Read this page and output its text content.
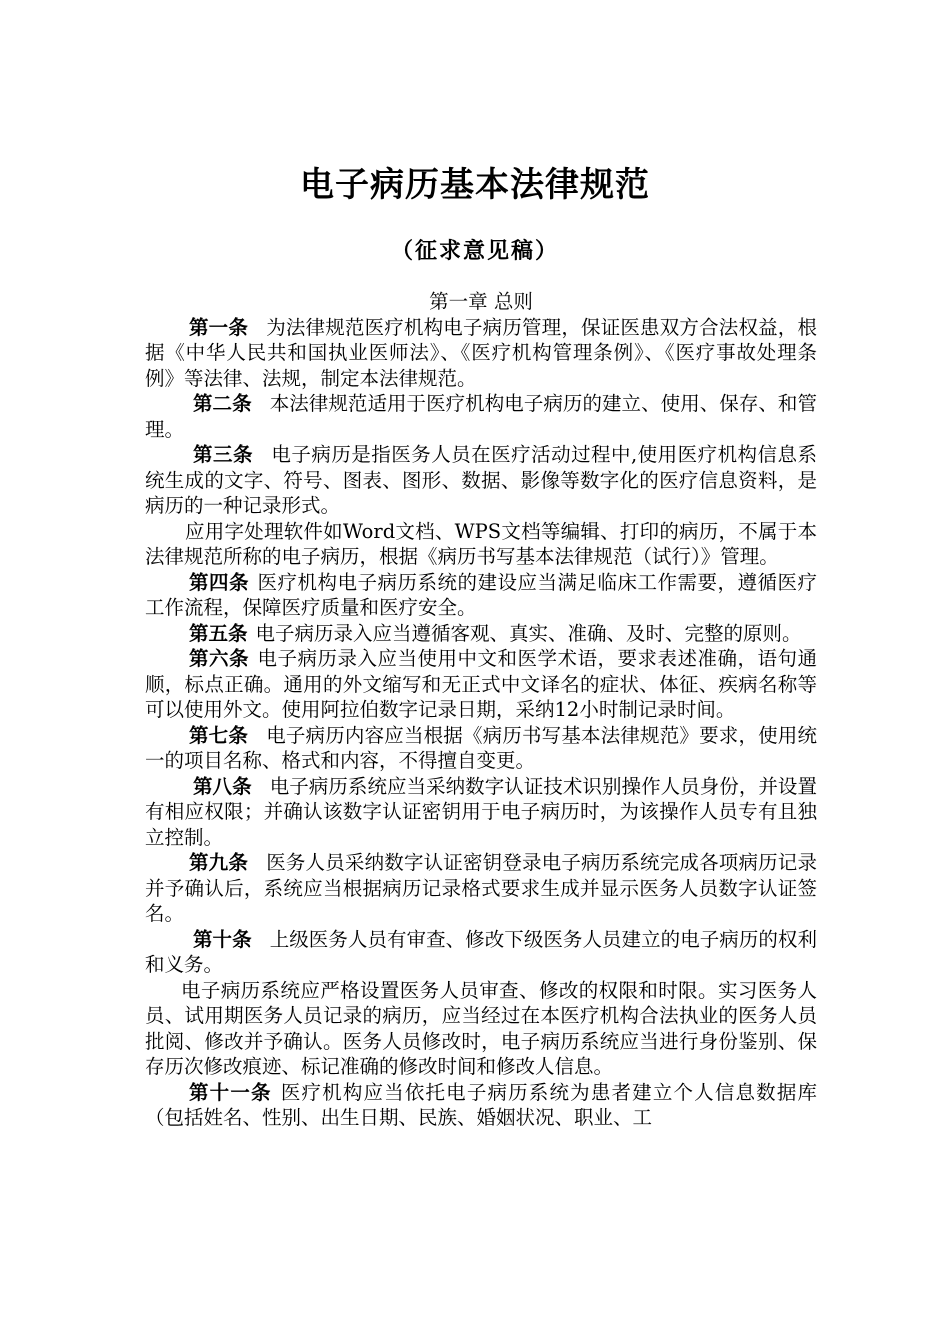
电子病历基本法律规范
（征求意见稿）

第一章 总则

第一条 为法律规范医疗机构电子病历管理，保证医患双方合法权益，根据《中华人民共和国执业医师法》、《医疗机构管理条例》、《医疗事故处理条例》等法律、法规，制定本法律规范。

第二条 本法律规范适用于医疗机构电子病历的建立、使用、保存、和管理。

第三条 电子病历是指医务人员在医疗活动过程中,使用医疗机构信息系统生成的文字、符号、图表、图形、数据、影像等数字化的医疗信息资料，是病历的一种记录形式。

应用字处理软件如Word文档、WPS文档等编辑、打印的病历，不属于本法律规范所称的电子病历，根据《病历书写基本法律规范（试行）》管理。

第四条 医疗机构电子病历系统的建设应当满足临床工作需要，遵循医疗工作流程，保障医疗质量和医疗安全。

第五条 电子病历录入应当遵循客观、真实、准确、及时、完整的原则。

第六条 电子病历录入应当使用中文和医学术语，要求表述准确，语句通顺，标点正确。通用的外文缩写和无正式中文译名的症状、体征、疾病名称等可以使用外文。使用阿拉伯数字记录日期，采纳12小时制记录时间。

第七条 电子病历内容应当根据《病历书写基本法律规范》要求，使用统一的项目名称、格式和内容，不得擅自变更。

第八条 电子病历系统应当采纳数字认证技术识别操作人员身份，并设置有相应权限；并确认该数字认证密钥用于电子病历时，为该操作人员专有且独立控制。

第九条 医务人员采纳数字认证密钥登录电子病历系统完成各项病历记录并予确认后，系统应当根据病历记录格式要求生成并显示医务人员数字认证签名。

第十条 上级医务人员有审查、修改下级医务人员建立的电子病历的权利和义务。

电子病历系统应严格设置医务人员审查、修改的权限和时限。实习医务人员、试用期医务人员记录的病历，应当经过在本医疗机构合法执业的医务人员批阅、修改并予确认。医务人员修改时，电子病历系统应当进行身份鉴别、保存历次修改痕迹、标记准确的修改时间和修改人信息。

第十一条 医疗机构应当依托电子病历系统为患者建立个人信息数据库（包括姓名、性别、出生日期、民族、婚姻状况、职业、工
